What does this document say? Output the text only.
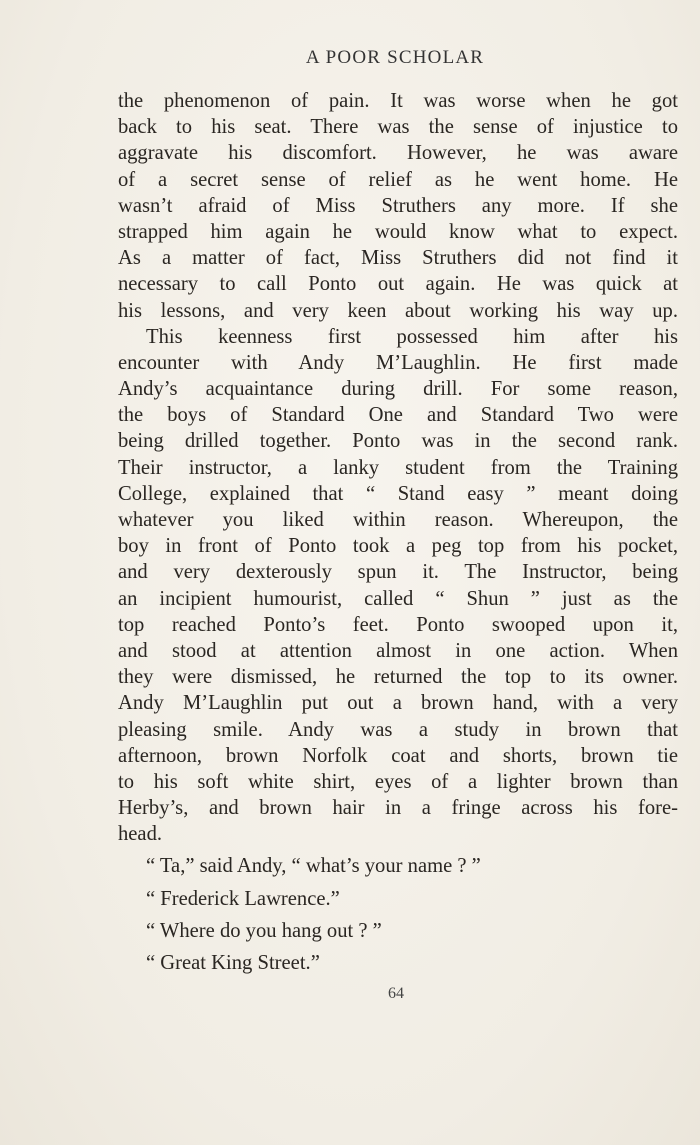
A POOR SCHOLAR
the phenomenon of pain. It was worse when he got
back to his seat. There was the sense of injustice to
aggravate his discomfort. However, he was aware
of a secret sense of relief as he went home. He
wasn’t afraid of Miss Struthers any more. If she
strapped him again he would know what to expect.
As a matter of fact, Miss Struthers did not find it
necessary to call Ponto out again. He was quick at
his lessons, and very keen about working his way up.
This keenness first possessed him after his
encounter with Andy M’Laughlin. He first made
Andy’s acquaintance during drill. For some reason,
the boys of Standard One and Standard Two were
being drilled together. Ponto was in the second rank.
Their instructor, a lanky student from the Training
College, explained that “ Stand easy ” meant doing
whatever you liked within reason. Whereupon, the
boy in front of Ponto took a peg top from his pocket,
and very dexterously spun it. The Instructor, being
an incipient humourist, called “ Shun ” just as the
top reached Ponto’s feet. Ponto swooped upon it,
and stood at attention almost in one action. When
they were dismissed, he returned the top to its owner.
Andy M’Laughlin put out a brown hand, with a very
pleasing smile. Andy was a study in brown that
afternoon, brown Norfolk coat and shorts, brown tie
to his soft white shirt, eyes of a lighter brown than
Herby’s, and brown hair in a fringe across his fore-
head.
“ Ta,” said Andy, “ what’s your name ? ”
“ Frederick Lawrence.”
“ Where do you hang out ? ”
“ Great King Street.”
64
